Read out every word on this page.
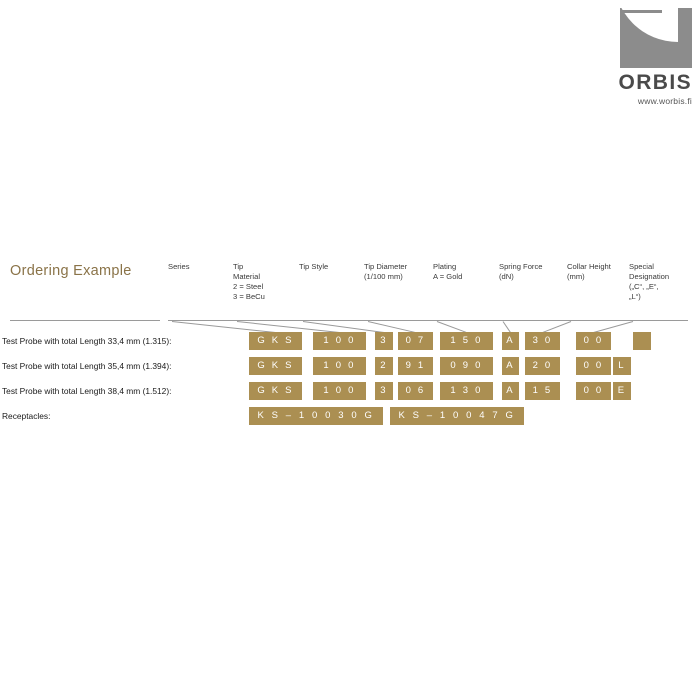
ORBIS
www.worbis.fi
Ordering Example	Series	Tip
Material
2 = Steel
3 = BeCu
Tip Style	Tip Diameter
(1/100 mm)
Plating
A = Gold
Spring Force
(dN)
Collar Height
(mm)
Special
Designation
(„C“, „E“,
„L“)
Test Probe with total Length 33,4 mm (1.315):	G K S	1 0 0	3	0 7	1 5 0	A	3 0	0 0
Test Probe with total Length 35,4 mm (1.394):	G K S	1 0 0	2	9 1	0 9 0	A	2 0	0 0	L
Test Probe with total Length 38,4 mm (1.512):	G K S	1 0 0	3	0 6	1 3 0	A	1 5	0 0	E
Receptacles:	K S – 1 0 0 3 0 G	K S – 1 0 0 4 7 G
